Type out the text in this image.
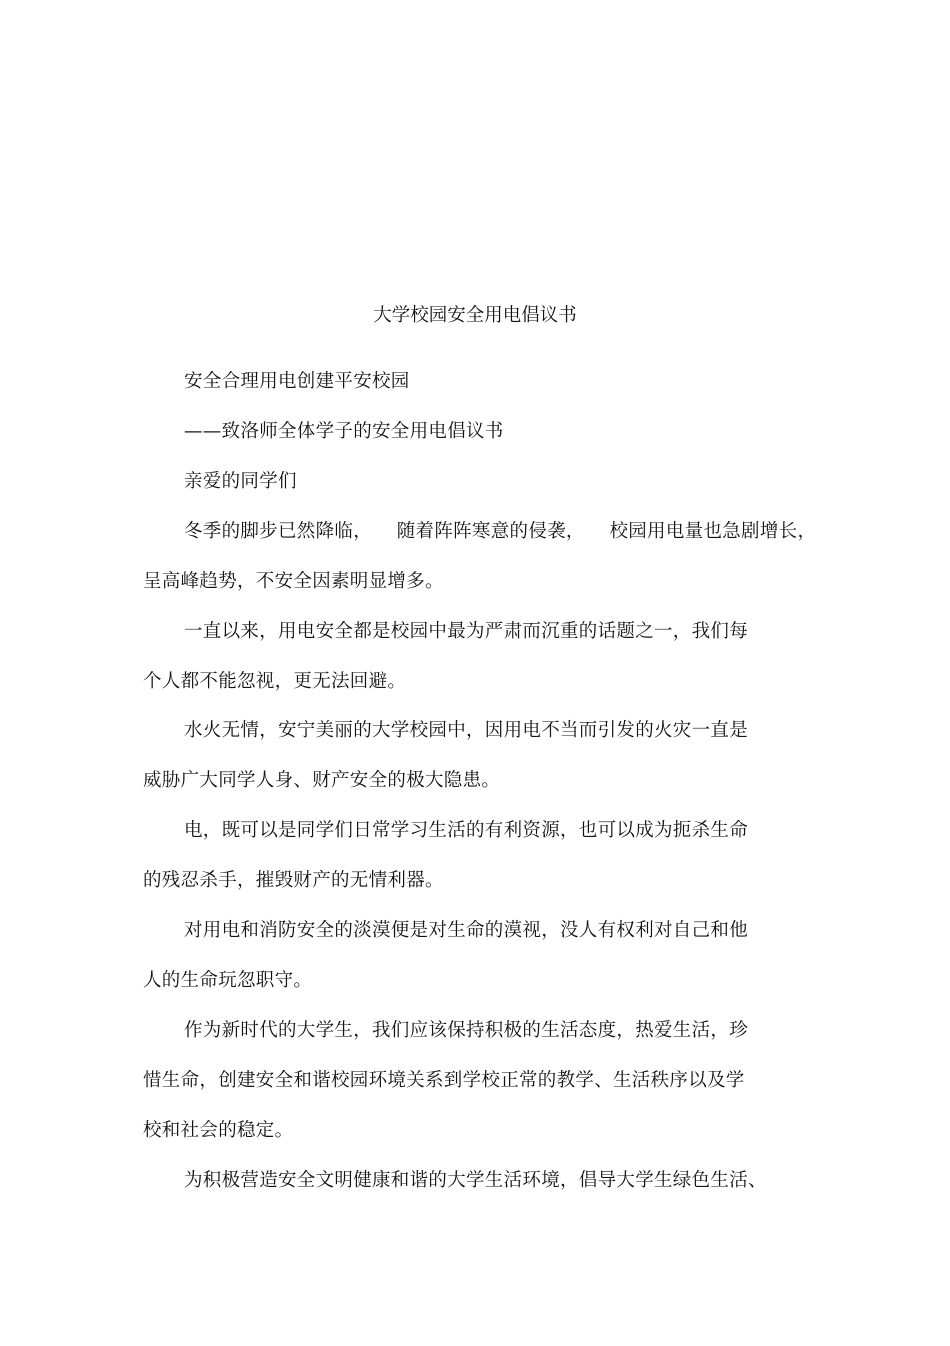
大学校园安全用电倡议书
安全合理用电创建平安校园
——致洛师全体学子的安全用电倡议书
亲爱的同学们
冬季的脚步已然降临，    随着阵阵寒意的侵袭，    校园用电量也急剧增长，
呈高峰趋势，不安全因素明显增多。
一直以来，用电安全都是校园中最为严肃而沉重的话题之一，我们每
个人都不能忽视，更无法回避。
水火无情，安宁美丽的大学校园中，因用电不当而引发的火灾一直是
威胁广大同学人身、财产安全的极大隐患。
电，既可以是同学们日常学习生活的有利资源，也可以成为扼杀生命
的残忍杀手，摧毁财产的无情利器。
对用电和消防安全的淡漠便是对生命的漠视，没人有权利对自己和他
人的生命玩忽职守。
作为新时代的大学生，我们应该保持积极的生活态度，热爱生活，珍
惜生命，创建安全和谐校园环境关系到学校正常的教学、生活秩序以及学
校和社会的稳定。
为积极营造安全文明健康和谐的大学生活环境，倡导大学生绿色生活、
